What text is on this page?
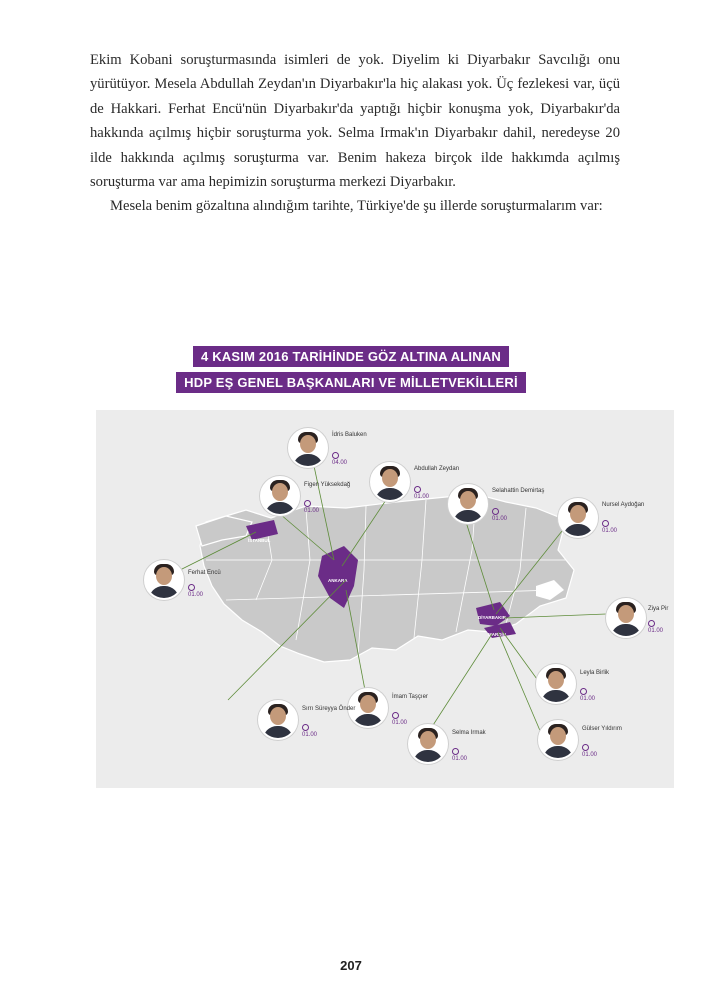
Ekim Kobani soruşturmasında isimleri de yok. Diyelim ki Diyarbakır Savcılığı onu yürütüyor. Mesela Abdullah Zeydan'ın Diyarbakır'la hiç alakası yok. Üç fezlekesi var, üçü de Hakkari. Ferhat Encü'nün Diyarbakır'da yaptığı hiçbir konuşma yok, Diyarbakır'da hakkında açılmış hiçbir soruşturma yok. Selma Irmak'ın Diyarbakır dahil, neredeyse 20 ilde hakkında açılmış soruşturma var. Benim hakeza birçok ilde hakkımda açılmış soruşturma var ama hepimizin soruşturma merkezi Diyarbakır.

Mesela benim gözaltına alındığım tarihte, Türkiye'de şu illerde soruşturmalarım var:

4 KASIM 2016 TARİHİNDE GÖZ ALTINA ALINAN
HDP EŞ GENEL BAŞKANLARI VE MİLLETVEKİLLERİ
İSTANBUL
ANKARA
DİYARBAKIR
MARDİN
İdris Baluken
04.00
Abdullah Zeydan
01.00
Figen Yüksekdağ
01.00
Selahattin Demirtaş
01.00
Nursel Aydoğan
01.00
Ferhat Encü
01.00
Ziya Pir
01.00
Leyla Birlik
01.00
Gülser Yıldırım
01.00
Selma Irmak
01.00
İmam Taşçıer
01.00
Sırrı Süreyya Önder
01.00
207
